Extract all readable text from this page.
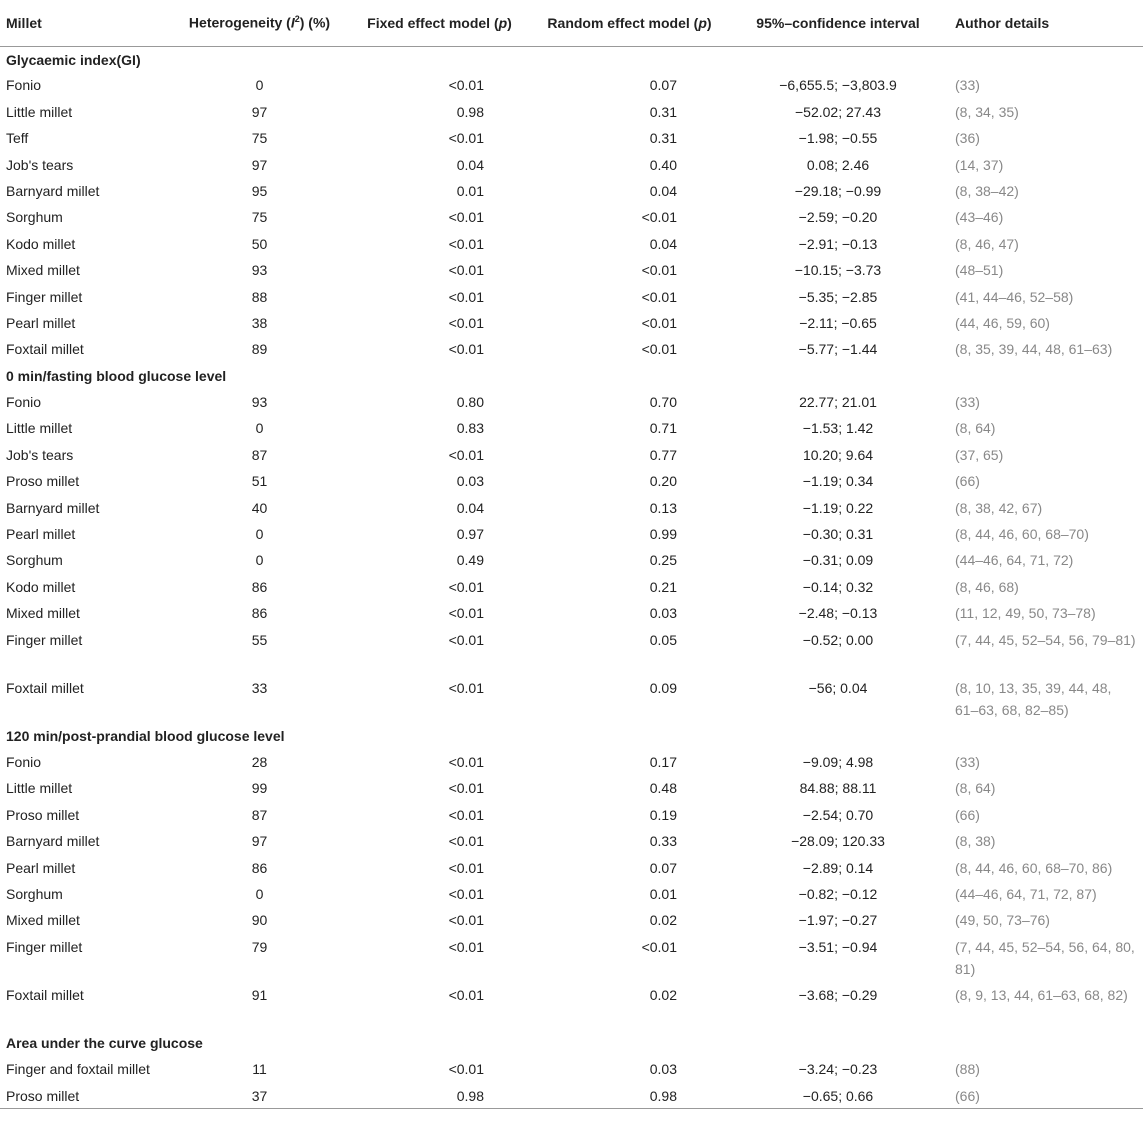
Millet	Heterogeneity $(I^2)$ (%)	Fixed effect model (p)	Random effect model (p)	95%–confidence interval	Author details
Glycaemic index(GI)					
Fonio	0	<0.01	0.07	−6,655.5; −3,803.9	(33)
Little millet	97	0.98	0.31	−52.02; 27.43	(8, 34, 35)
Teff	75	<0.01	0.31	−1.98; −0.55	(36)
Job's tears	97	0.04	0.40	0.08; 2.46	(14, 37)
Barnyard millet	95	0.01	0.04	−29.18; −0.99	(8, 38–42)
Sorghum	75	<0.01	<0.01	−2.59; −0.20	(43–46)
Kodo millet	50	<0.01	0.04	−2.91; −0.13	(8, 46, 47)
Mixed millet	93	<0.01	<0.01	−10.15; −3.73	(48–51)
Finger millet	88	<0.01	<0.01	−5.35; −2.85	(41, 44–46, 52–58)
Pearl millet	38	<0.01	<0.01	−2.11; −0.65	(44, 46, 59, 60)
Foxtail millet	89	<0.01	<0.01	−5.77; −1.44	(8, 35, 39, 44, 48, 61–63)
0 min/fasting blood glucose level					
Fonio	93	0.80	0.70	22.77; 21.01	(33)
Little millet	0	0.83	0.71	−1.53; 1.42	(8, 64)
Job's tears	87	<0.01	0.77	10.20; 9.64	(37, 65)
Proso millet	51	0.03	0.20	−1.19; 0.34	(66)
Barnyard millet	40	0.04	0.13	−1.19; 0.22	(8, 38, 42, 67)
Pearl millet	0	0.97	0.99	−0.30; 0.31	(8, 44, 46, 60, 68–70)
Sorghum	0	0.49	0.25	−0.31; 0.09	(44–46, 64, 71, 72)
Kodo millet	86	<0.01	0.21	−0.14; 0.32	(8, 46, 68)
Mixed millet	86	<0.01	0.03	−2.48; −0.13	(11, 12, 49, 50, 73–78)
Finger millet	55	<0.01	0.05	−0.52; 0.00	(7, 44, 45, 52–54, 56, 79–81)
Foxtail millet	33	<0.01	0.09	−56; 0.04	(8, 10, 13, 35, 39, 44, 48, 61–63, 68, 82–85)
120 min/post-prandial blood glucose level					
Fonio	28	<0.01	0.17	−9.09; 4.98	(33)
Little millet	99	<0.01	0.48	84.88; 88.11	(8, 64)
Proso millet	87	<0.01	0.19	−2.54; 0.70	(66)
Barnyard millet	97	<0.01	0.33	−28.09; 120.33	(8, 38)
Pearl millet	86	<0.01	0.07	−2.89; 0.14	(8, 44, 46, 60, 68–70, 86)
Sorghum	0	<0.01	0.01	−0.82; −0.12	(44–46, 64, 71, 72, 87)
Mixed millet	90	<0.01	0.02	−1.97; −0.27	(49, 50, 73–76)
Finger millet	79	<0.01	<0.01	−3.51; −0.94	(7, 44, 45, 52–54, 56, 64, 80, 81)
Foxtail millet	91	<0.01	0.02	−3.68; −0.29	(8, 9, 13, 44, 61–63, 68, 82)
Area under the curve glucose					
Finger and foxtail millet	11	<0.01	0.03	−3.24; −0.23	(88)
Proso millet	37	0.98	0.98	−0.65; 0.66	(66)
